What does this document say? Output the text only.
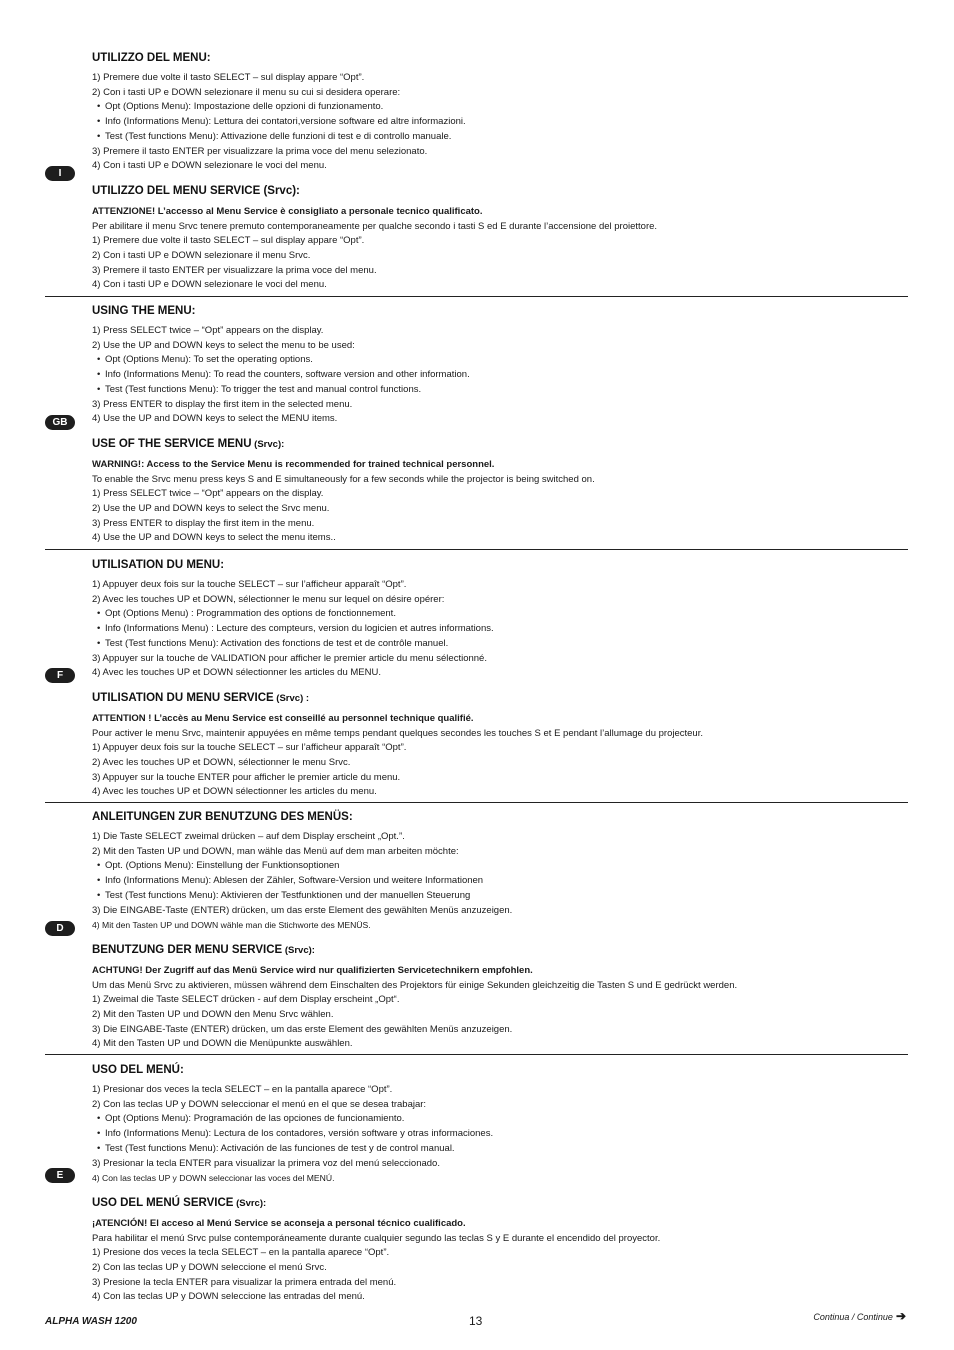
UTILIZZO DEL MENU:
1) Premere due volte il tasto SELECT – sul display appare “Opt”.
2) Con i tasti UP e DOWN selezionare il menu su cui si desidera operare:
• Opt (Options Menu): Impostazione delle opzioni di funzionamento.
• Info (Informations Menu): Lettura dei contatori,versione software ed altre informazioni.
• Test (Test functions Menu): Attivazione delle funzioni di test e di controllo manuale.
3) Premere il tasto ENTER per visualizzare la prima voce del menu selezionato.
4) Con i tasti UP e DOWN selezionare le voci del menu.
UTILIZZO DEL MENU SERVICE (Srvc):
ATTENZIONE! L’accesso al Menu Service è consigliato a personale tecnico qualificato.
Per abilitare il menu Srvc tenere premuto contemporaneamente per qualche secondo i tasti S ed E durante l’accensione del proiettore.
1) Premere due volte il tasto SELECT – sul display appare “Opt”.
2) Con i tasti UP e DOWN selezionare il menu Srvc.
3) Premere il tasto ENTER per visualizzare la prima voce del menu.
4) Con i tasti UP e DOWN selezionare le voci del menu.
I
USING THE MENU:
1) Press SELECT twice – “Opt” appears on the display.
2) Use the UP and DOWN keys to select the menu to be used:
• Opt (Options Menu): To set the operating options.
• Info (Informations Menu): To read the counters, software version and other information.
• Test (Test functions Menu): To trigger the test and manual control functions.
3) Press ENTER to display the first item in the selected menu.
4) Use the UP and DOWN keys to select the MENU items.
USE OF THE SERVICE MENU (Srvc):
WARNING!: Access to the Service Menu is recommended for trained technical personnel.
To enable the Srvc menu press keys S and E simultaneously for a few seconds while the projector is being switched on.
1) Press SELECT twice – “Opt” appears on the display.
2) Use the UP and DOWN keys to select the Srvc menu.
3) Press ENTER to display the first item in the menu.
4) Use the UP and DOWN keys to select the menu items..
GB
UTILISATION DU MENU:
1) Appuyer deux fois sur la touche SELECT – sur l’afficheur apparaît “Opt”.
2) Avec les touches UP et DOWN, sélectionner le menu sur lequel on désire opérer:
• Opt (Options Menu) : Programmation des options de fonctionnement.
• Info (Informations Menu) : Lecture des compteurs, version du logicien et autres informations.
• Test (Test functions Menu): Activation des fonctions de test et de contrôle manuel.
3) Appuyer sur la touche de VALIDATION pour afficher le premier article du menu sélectionné.
4) Avec les touches UP et DOWN sélectionner les articles du MENU.
UTILISATION DU MENU SERVICE (Srvc) :
ATTENTION ! L’accès au Menu Service est conseillé au personnel technique qualifié.
Pour activer le menu Srvc, maintenir appuyées en même temps pendant quelques secondes les touches S et E pendant l’allumage du projecteur.
1) Appuyer deux fois sur la touche SELECT – sur l’afficheur apparaît “Opt”.
2) Avec les touches UP et DOWN, sélectionner le menu Srvc.
3) Appuyer sur la touche ENTER pour afficher le premier article du menu.
4) Avec les touches UP et DOWN sélectionner les articles du menu.
F
ANLEITUNGEN ZUR BENUTZUNG DES MENÜS:
1) Die Taste SELECT zweimal drücken – auf dem Display erscheint „Opt.”.
2) Mit den Tasten UP und DOWN, man wähle das Menü auf dem man arbeiten möchte:
• Opt. (Options Menu): Einstellung der Funktionsoptionen
• Info (Informations Menu): Ablesen der Zähler, Software-Version und weitere Informationen
• Test (Test functions Menu): Aktivieren der Testfunktionen und der manuellen Steuerung
3) Die EINGABE-Taste (ENTER) drücken, um das erste Element des gewählten Menüs anzuzeigen.
4) Mit den Tasten UP und DOWN wähle man die Stichworte des MENÜS.
BENUTZUNG DER MENU SERVICE (Srvc):
ACHTUNG! Der Zugriff auf das Menü Service wird nur qualifizierten Servicetechnikern empfohlen.
Um das Menü Srvc zu aktivieren, müssen während dem Einschalten des Projektors für einige Sekunden gleichzeitig die Tasten S und E gedrückt werden.
1) Zweimal die Taste SELECT drücken - auf dem Display erscheint „Opt“.
2) Mit den Tasten UP und DOWN den Menu Srvc wählen.
3) Die EINGABE-Taste (ENTER) drücken, um das erste Element des gewählten Menüs anzuzeigen.
4) Mit den Tasten UP und DOWN die Menüpunkte auswählen.
D
USO DEL MENÚ:
1) Presionar dos veces la tecla SELECT – en la pantalla aparece “Opt”.
2) Con las teclas UP y DOWN seleccionar el menú en el que se desea trabajar:
• Opt (Options Menu): Programación de las opciones de funcionamiento.
• Info (Informations Menu): Lectura de los contadores, versión software y otras informaciones.
• Test (Test functions Menu): Activación de las funciones de test y de control manual.
3) Presionar la tecla ENTER para visualizar la primera voz del menú seleccionado.
4) Con las teclas UP y DOWN seleccionar las voces del MENÚ.
USO DEL MENÚ SERVICE (Svrc):
¡ATENCIÓN! El acceso al Menú Service se aconseja a personal técnico cualificado.
Para habilitar el menú Srvc pulse contemporáneamente durante cualquier segundo las teclas S y E durante el encendido del proyector.
1) Presione dos veces la tecla SELECT – en la pantalla aparece “Opt”.
2) Con las teclas UP y DOWN seleccione el menú Srvc.
3) Presione la tecla ENTER para visualizar la primera entrada del menú.
4) Con las teclas UP y DOWN seleccione las entradas del menú.
E
ALPHA WASH 1200	13	Continua / Continue ➔
